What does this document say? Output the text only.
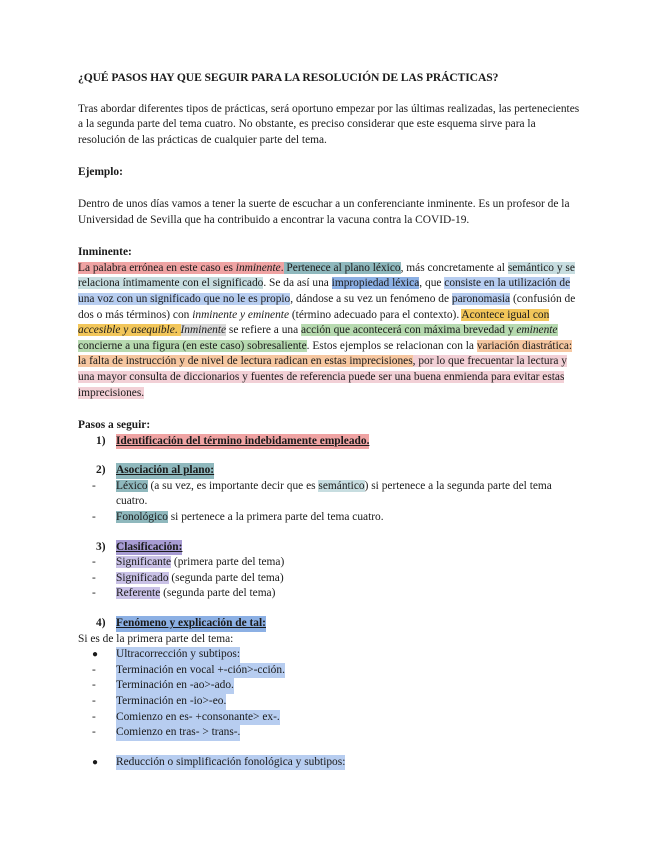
¿QUÉ PASOS HAY QUE SEGUIR PARA LA RESOLUCIÓN DE LAS PRÁCTICAS?

Tras abordar diferentes tipos de prácticas, será oportuno empezar por las últimas realizadas, las pertenecientes a la segunda parte del tema cuatro. No obstante, es preciso considerar que este esquema sirve para la resolución de las prácticas de cualquier parte del tema.

Ejemplo:

Dentro de unos días vamos a tener la suerte de escuchar a un conferenciante inminente. Es un profesor de la Universidad de Sevilla que ha contribuido a encontrar la vacuna contra la COVID-19.

Inminente:

La palabra errónea en este caso es inminente. Pertenece al plano léxico, más concretamente al semántico y se relaciona íntimamente con el significado. Se da así una impropiedad léxica, que consiste en la utilización de una voz con un significado que no le es propio, dándose a su vez un fenómeno de paronomasia (confusión de dos o más términos) con inminente y eminente (término adecuado para el contexto). Acontece igual con accesible y asequible. Inminente se refiere a una acción que acontecerá con máxima brevedad y eminente concierne a una figura (en este caso) sobresaliente. Estos ejemplos se relacionan con la variación diastrática: la falta de instrucción y de nivel de lectura radican en estas imprecisiones, por lo que frecuentar la lectura y una mayor consulta de diccionarios y fuentes de referencia puede ser una buena enmienda para evitar estas imprecisiones.

Pasos a seguir:

1) Identificación del término indebidamente empleado.
2) Asociación al plano:
-	Léxico (a su vez, es importante decir que es semántico) si pertenece a la segunda parte del tema cuatro.
-	Fonológico si pertenece a la primera parte del tema cuatro.
3) Clasificación:
-	Significante (primera parte del tema)
-	Significado (segunda parte del tema)
-	Referente (segunda parte del tema)
4) Fenómeno y explicación de tal:

Si es de la primera parte del tema:

●	Ultracorrección y subtipos:
-	Terminación en vocal +-ción>-cción.
-	Terminación en -ao>-ado.
-	Terminación en -io>-eo.
-	Comienzo en es- +consonante> ex-.
-	Comienzo en tras- > trans-.
●	Reducción o simplificación fonológica y subtipos:
